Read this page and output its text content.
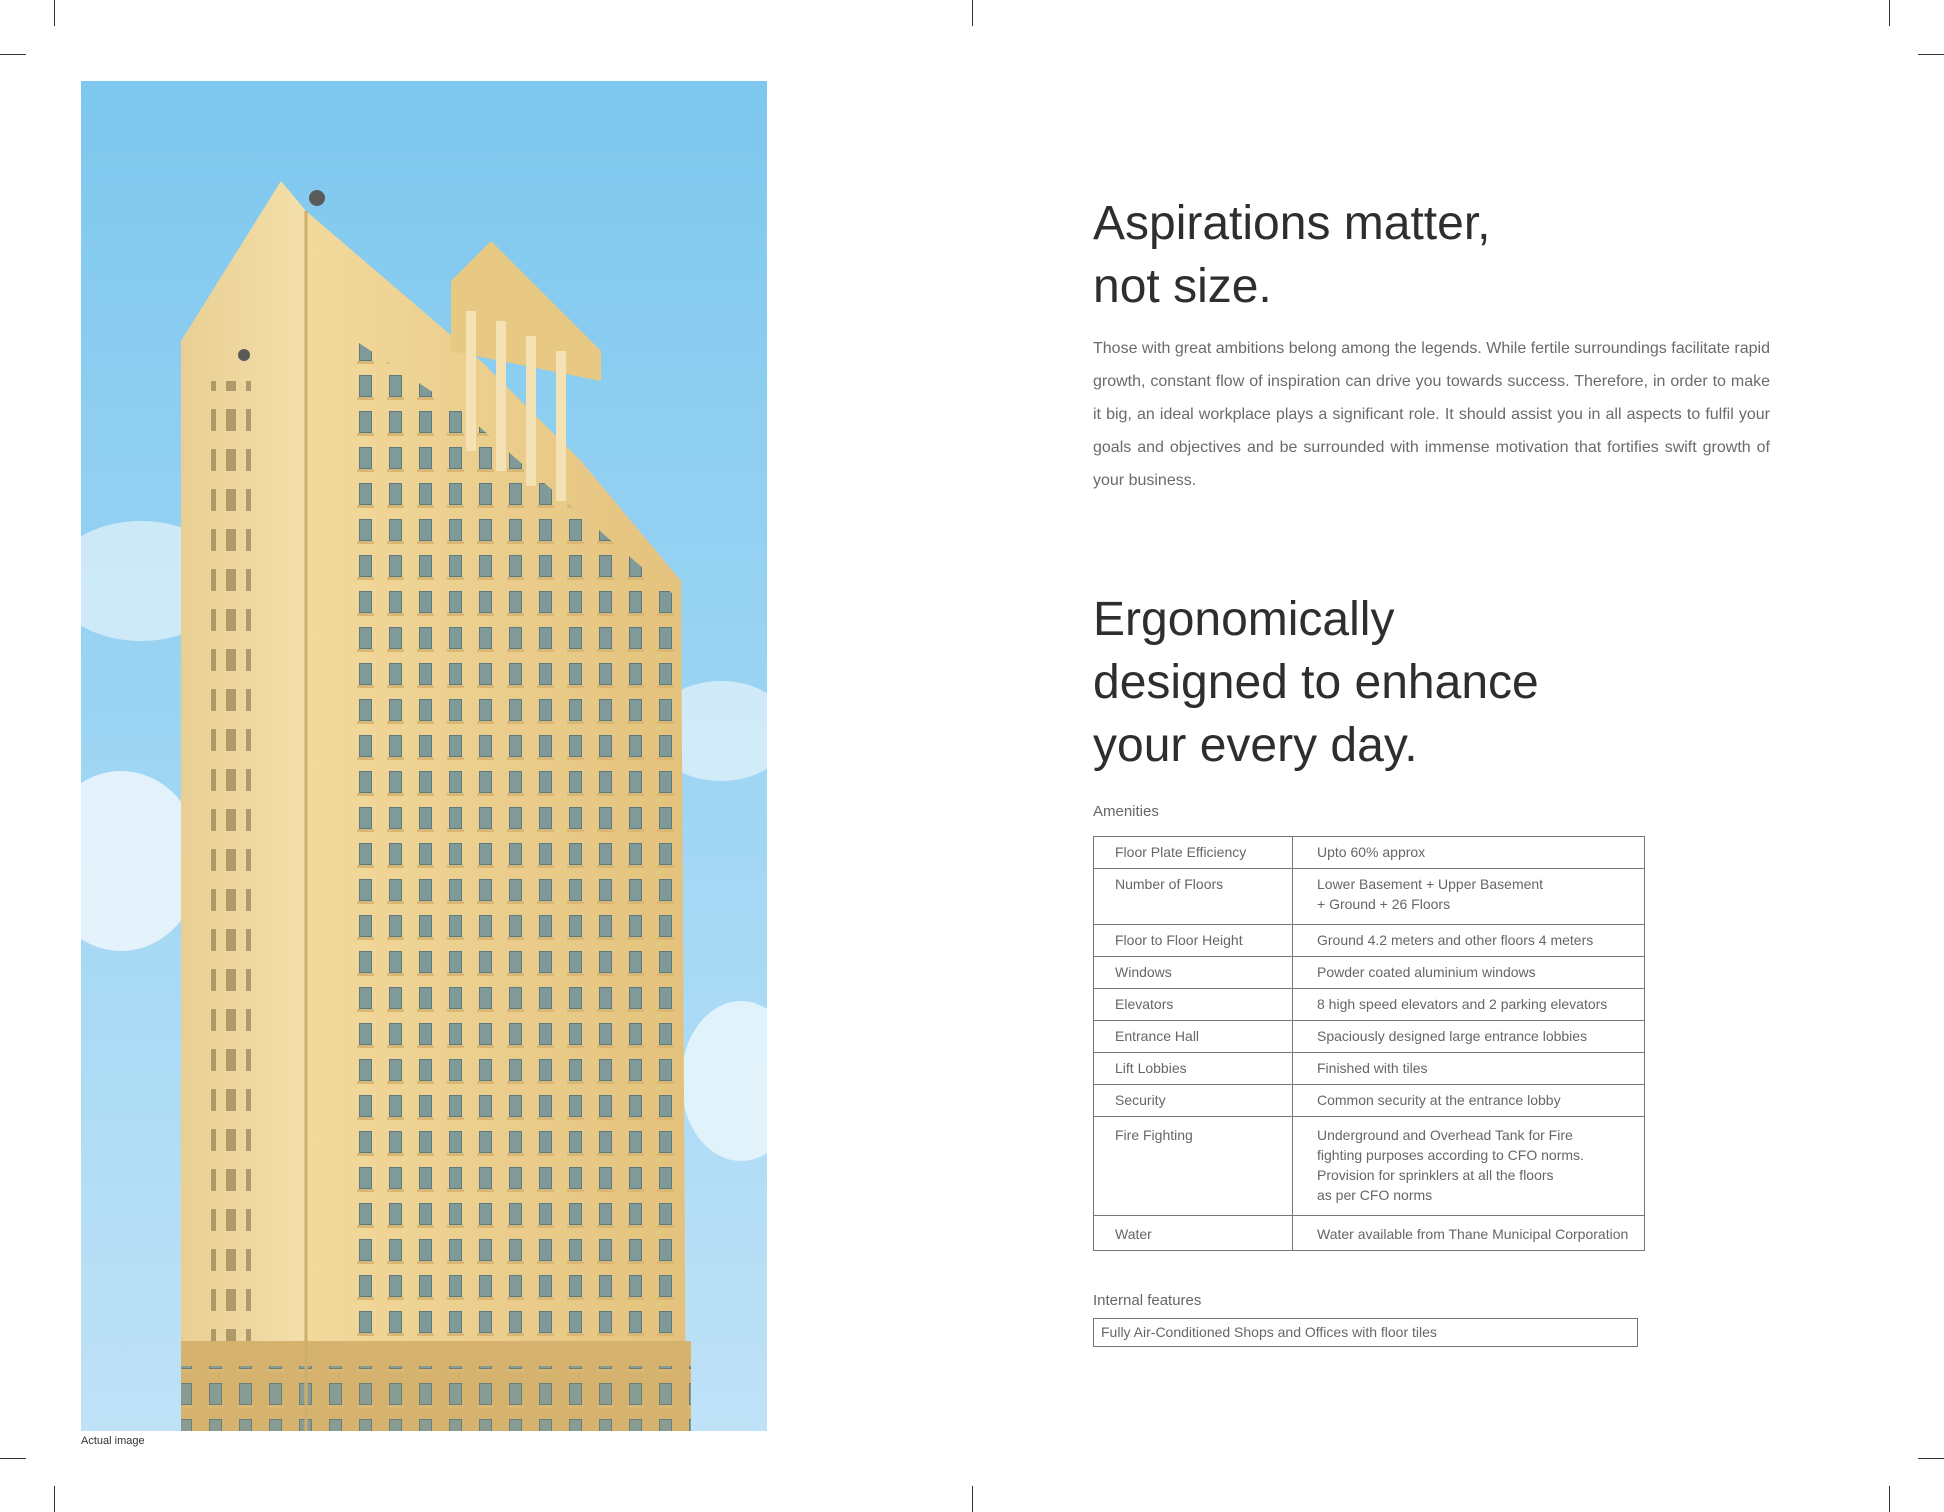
Actual image
Aspirations matter,
not size.

Those with great ambitions belong among the legends. While fertile surroundings facilitate rapid growth, constant flow of inspiration can drive you towards success. Therefore, in order to make it big, an ideal workplace plays a significant role. It should assist you in all aspects to fulfil your goals and objectives and be surrounded with immense motivation that fortifies swift growth of your business.

Ergonomically
designed to enhance
your every day.
Amenities
Floor Plate Efficiency	Upto 60% approx
Number of Floors	Lower Basement + Upper Basement
+ Ground + 26 Floors
Floor to Floor Height	Ground 4.2 meters and other floors 4 meters
Windows	Powder coated aluminium windows
Elevators	8 high speed elevators and 2 parking elevators
Entrance Hall	Spaciously designed large entrance lobbies
Lift Lobbies	Finished with tiles
Security	Common security at the entrance lobby
Fire Fighting	Underground and Overhead Tank for Fire
fighting purposes according to CFO norms.
Provision for sprinklers at all the floors
as per CFO norms
Water	Water available from Thane Municipal Corporation
Internal features
Fully Air-Conditioned Shops and Offices with floor tiles
